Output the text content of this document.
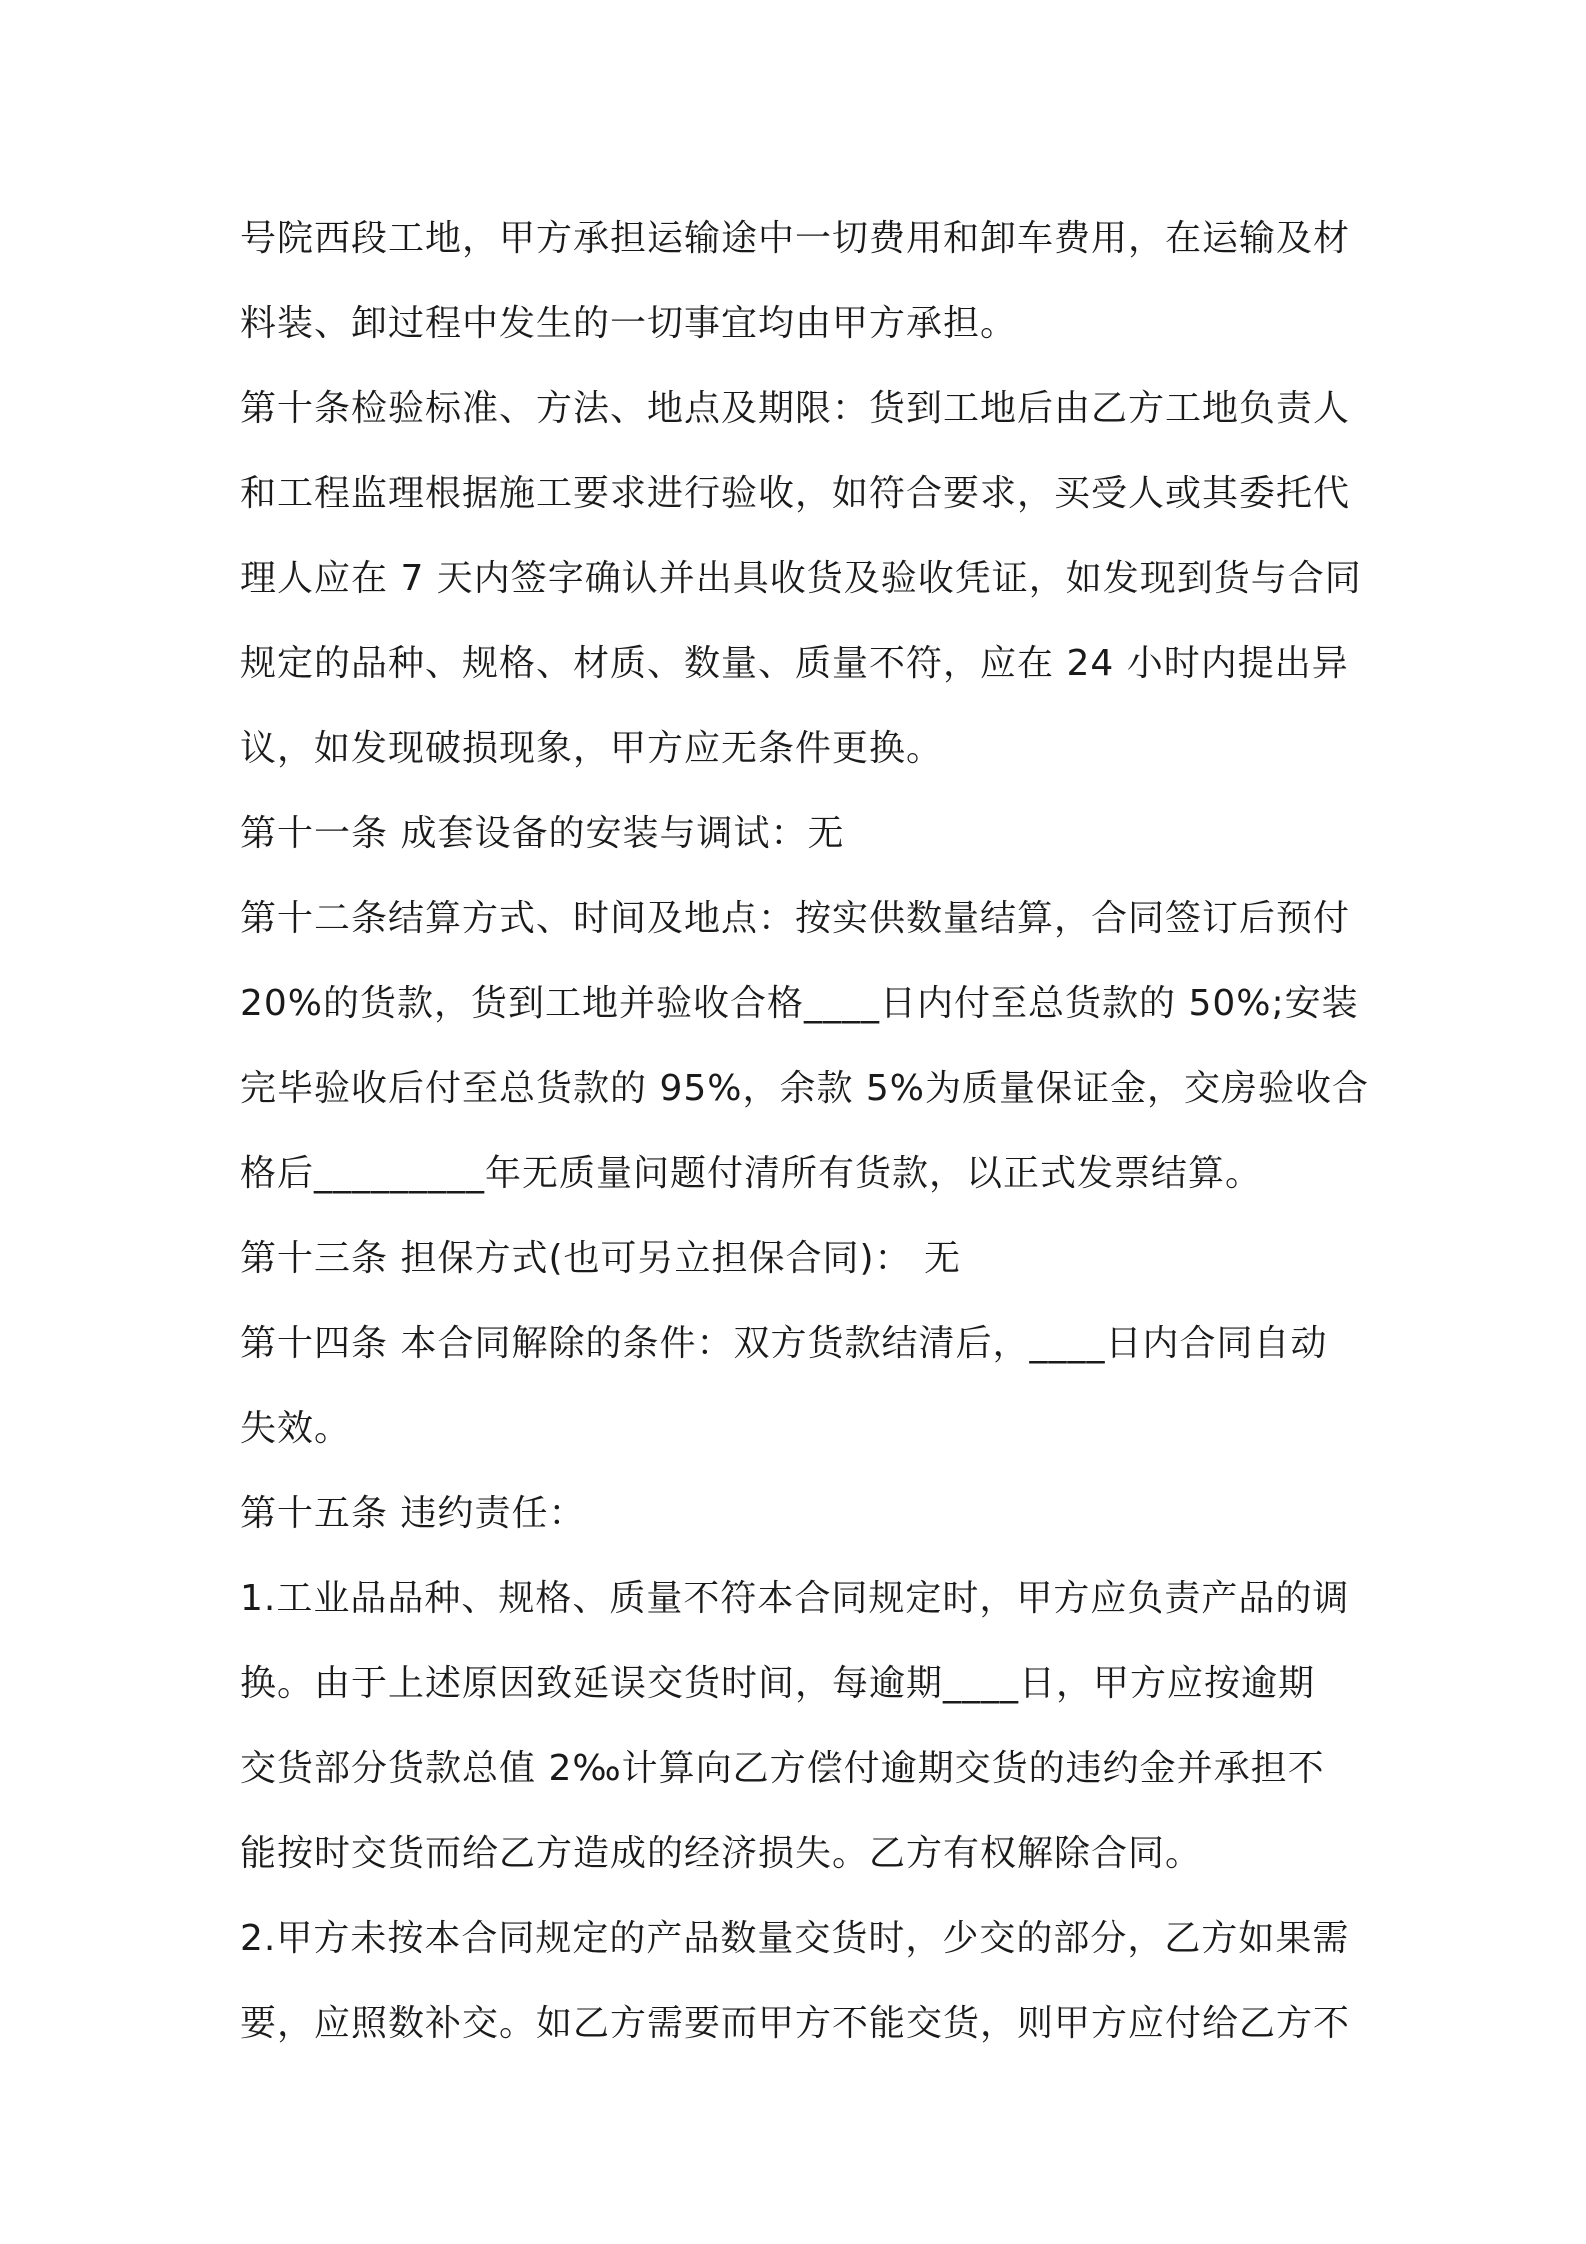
号院西段工地，甲方承担运输途中一切费用和卸车费用，在运输及材
料装、卸过程中发生的一切事宜均由甲方承担。
第十条检验标准、方法、地点及期限：货到工地后由乙方工地负责人
和工程监理根据施工要求进行验收，如符合要求，买受人或其委托代
理人应在 7 天内签字确认并出具收货及验收凭证，如发现到货与合同
规定的品种、规格、材质、数量、质量不符，应在 24 小时内提出异
议，如发现破损现象，甲方应无条件更换。
第十一条 成套设备的安装与调试：无
第十二条结算方式、时间及地点：按实供数量结算，合同签订后预付
20%的货款，货到工地并验收合格____日内付至总货款的 50%;安装
完毕验收后付至总货款的 95%，余款 5%为质量保证金，交房验收合
格后_________年无质量问题付清所有货款，以正式发票结算。
第十三条 担保方式(也可另立担保合同)： 无
第十四条 本合同解除的条件：双方货款结清后，____日内合同自动
失效。
第十五条 违约责任：
1.工业品品种、规格、质量不符本合同规定时，甲方应负责产品的调
换。由于上述原因致延误交货时间，每逾期____日，甲方应按逾期
交货部分货款总值 2‰计算向乙方偿付逾期交货的违约金并承担不
能按时交货而给乙方造成的经济损失。乙方有权解除合同。
2.甲方未按本合同规定的产品数量交货时，少交的部分，乙方如果需
要，应照数补交。如乙方需要而甲方不能交货，则甲方应付给乙方不
